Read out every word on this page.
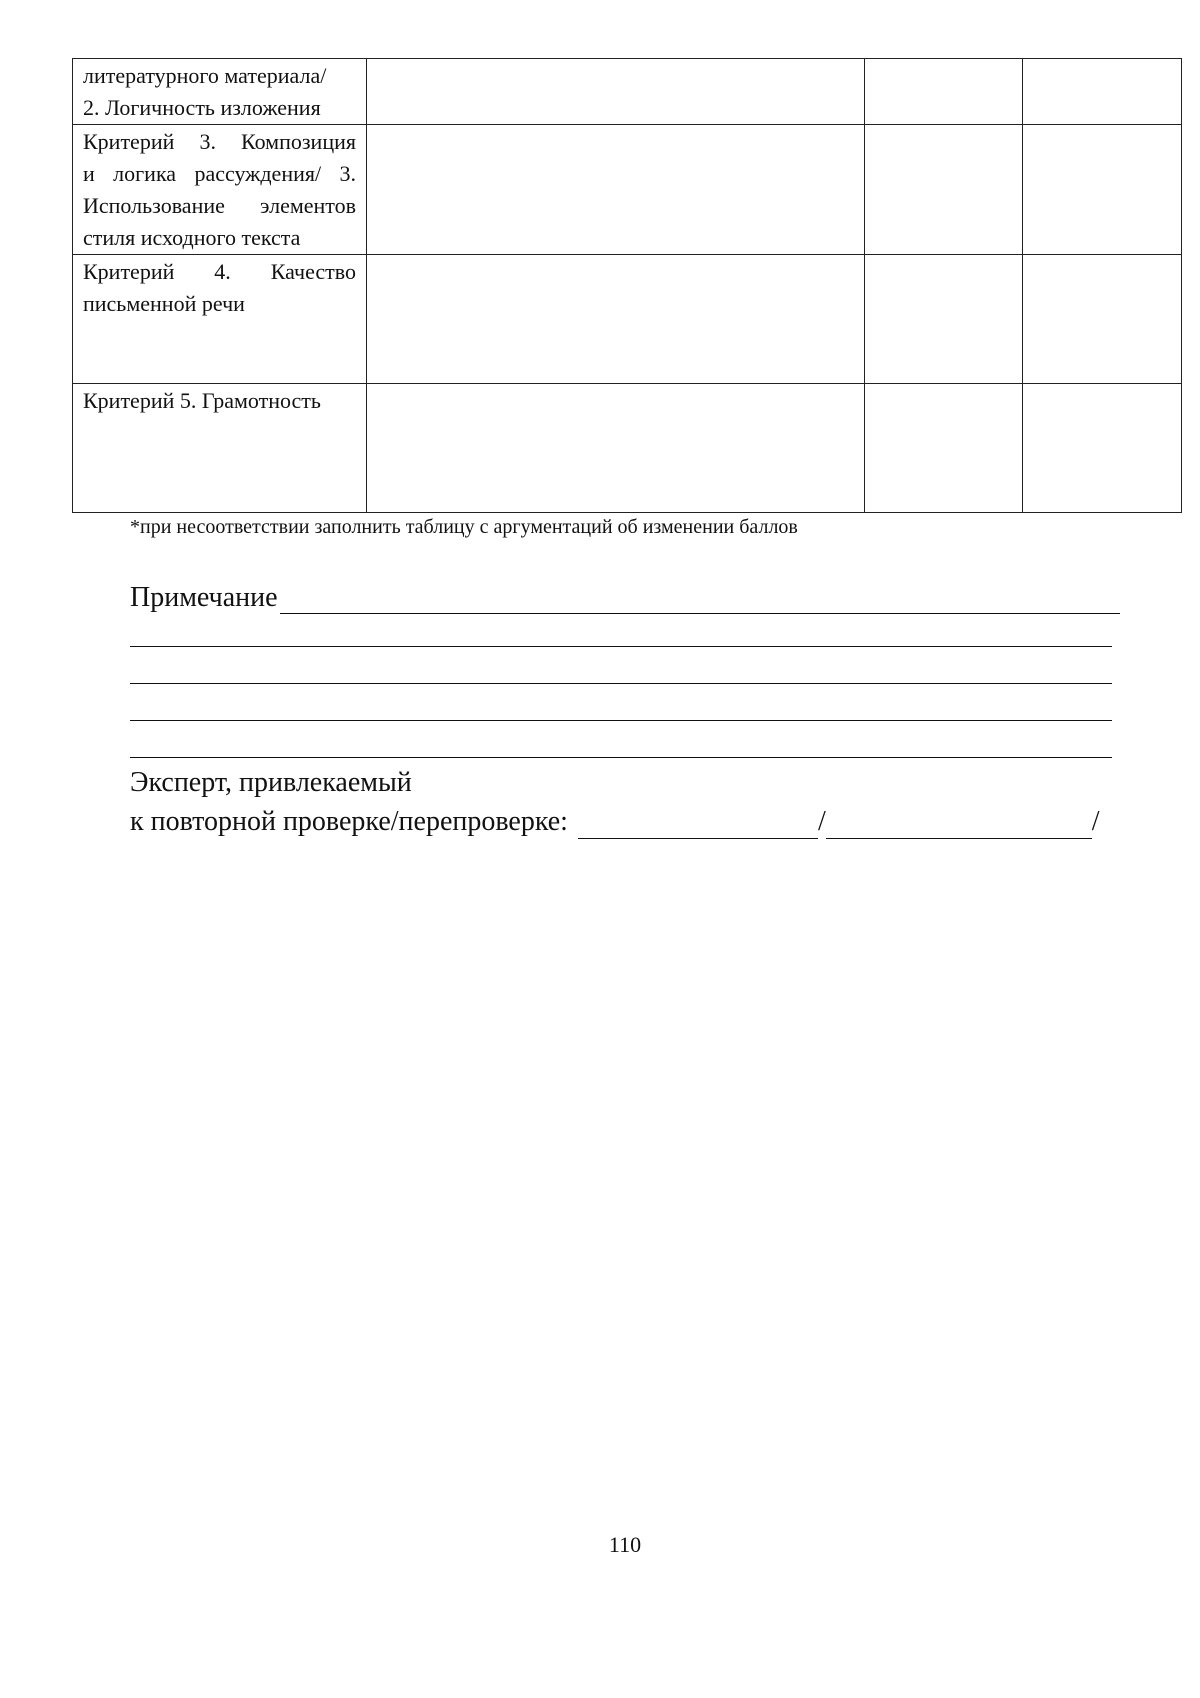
литературного материала/
2. Логичность изложения			

Критерий 3. Композиция
и логика рассуждения/ 3.
Использование элементов
стиля исходного текста			

Критерий 4. Качество
письменной речи			

Критерий 5. Грамотность			

*при несоответствии заполнить таблицу с аргументаций об изменении баллов
Примечание
Эксперт, привлекаемый
к повторной проверке/перепроверке:	/	/
110
